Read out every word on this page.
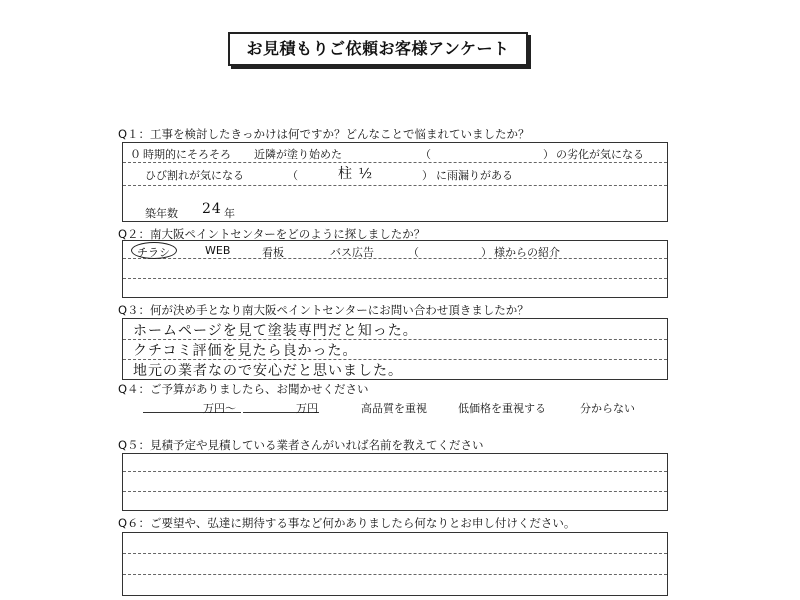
お見積もりご依頼お客様アンケート
Q１：工事を検討したきっかけは何ですか？どんなことで悩まれていましたか？
０ 時期的にそろそろ 近隣が塗り始めた	（	） の劣化が気になる
ひび割れが気になる	（	柱 ½	） に雨漏りがある
築年数 24 年
Q２：南大阪ペイントセンターをどのように探しましたか？
チラシ	WEB	看板	バス広告	（	） 様からの紹介
Q３：何が決め手となり南大阪ペイントセンターにお問い合わせ頂きましたか？
ホームページを見て塗装専門だと知った。
クチコミ評価を見たら良かった。
地元の業者なので安心だと思いました。
Q４：ご予算がありましたら、お聞かせください
万円〜	万円	高品質を重視	低価格を重視する	分からない
Q５：見積予定や見積している業者さんがいれば名前を教えてください
Q６：ご要望や、弘達に期待する事など何かありましたら何なりとお申し付けください。
